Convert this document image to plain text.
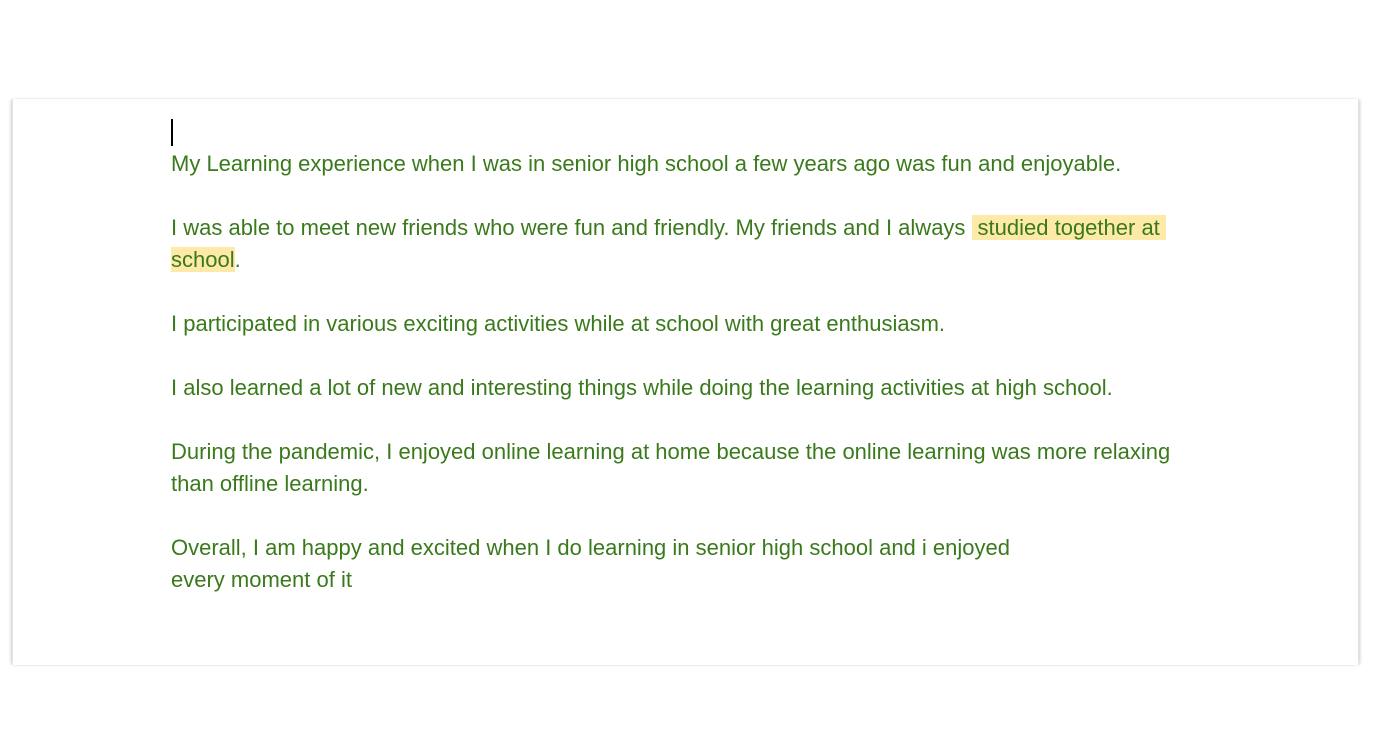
My Learning experience when I was in senior high school a few years ago was fun and enjoyable.

I was able to meet new friends who were fun and friendly. My friends and I always studied together at
school.

I participated in various exciting activities while at school with great enthusiasm.

I also learned a lot of new and interesting things while doing the learning activities at high school.

During the pandemic, I enjoyed online learning at home because the online learning was more relaxing
than offline learning.

Overall, I am happy and excited when I do learning in senior high school and i enjoyed
every moment of it
